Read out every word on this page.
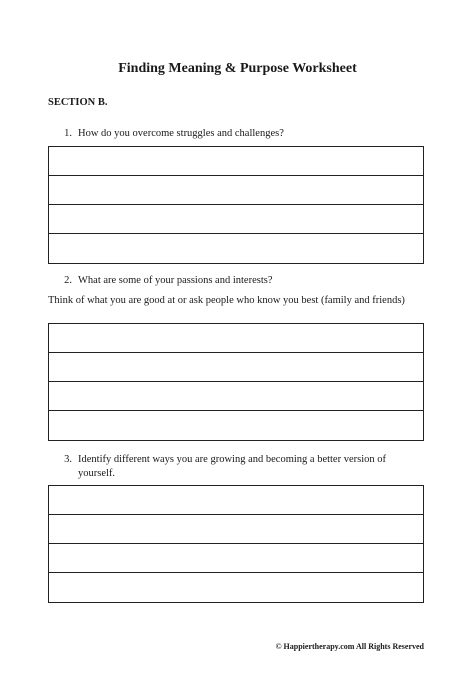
Finding Meaning & Purpose Worksheet
SECTION B.
1. How do you overcome struggles and challenges?
2. What are some of your passions and interests?
Think of what you are good at or ask people who know you best (family and friends)
3. Identify different ways you are growing and becoming a better version of yourself.
© Happiertherapy.com All Rights Reserved
